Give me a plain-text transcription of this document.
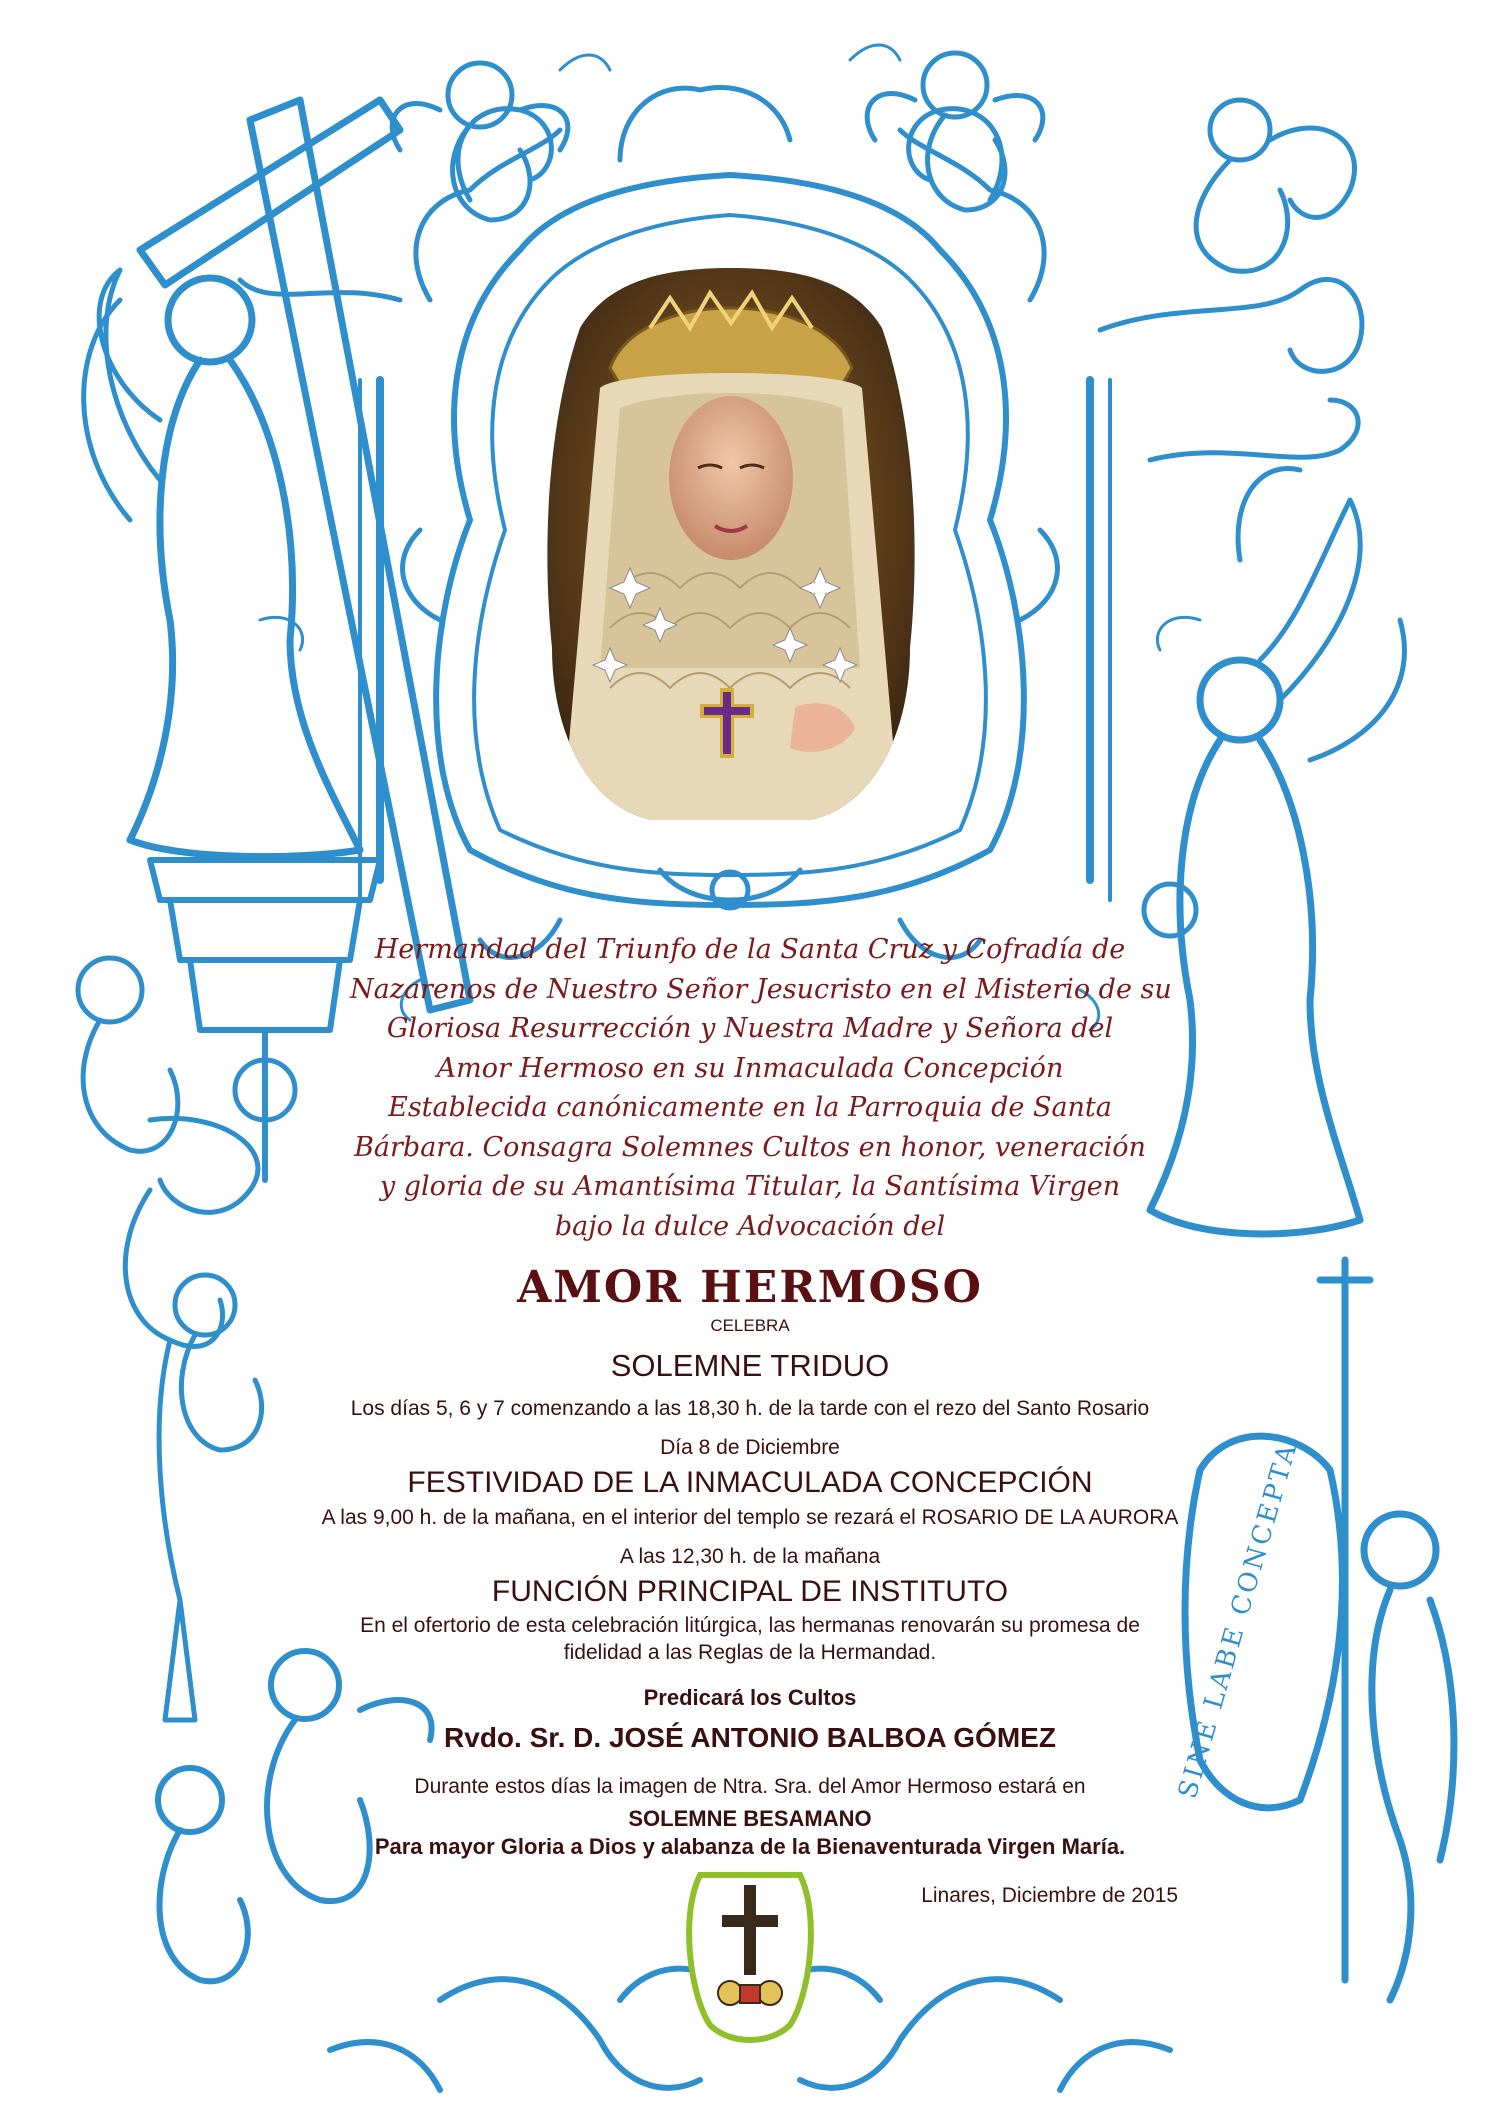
SINE LABE CONCEPTA
Hermandad del Triunfo de la Santa Cruz y Cofradía de
Nazarenos de Nuestro Señor Jesucristo en el Misterio de su
Gloriosa Resurrección y Nuestra Madre y Señora del
Amor Hermoso en su Inmaculada Concepción
Establecida canónicamente en la Parroquia de Santa
Bárbara. Consagra Solemnes Cultos en honor, veneración
y gloria de su Amantísima Titular, la Santísima Virgen
bajo la dulce Advocación del
AMOR HERMOSO
CELEBRA
SOLEMNE TRIDUO
Los días 5, 6 y 7 comenzando a las 18,30 h. de la tarde con el rezo del Santo Rosario
Día 8 de Diciembre
FESTIVIDAD DE LA INMACULADA CONCEPCIÓN
A las 9,00 h. de la mañana, en el interior del templo se rezará el ROSARIO DE LA AURORA
A las 12,30 h. de la mañana
FUNCIÓN PRINCIPAL DE INSTITUTO
En el ofertorio de esta celebración litúrgica, las hermanas renovarán su promesa de
fidelidad a las Reglas de la Hermandad.
Predicará los Cultos
Rvdo. Sr. D. JOSÉ ANTONIO BALBOA GÓMEZ
Durante estos días la imagen de Ntra. Sra. del Amor Hermoso estará en
SOLEMNE BESAMANO
Para mayor Gloria a Dios y alabanza de la Bienaventurada Virgen María.
Linares, Diciembre de 2015
